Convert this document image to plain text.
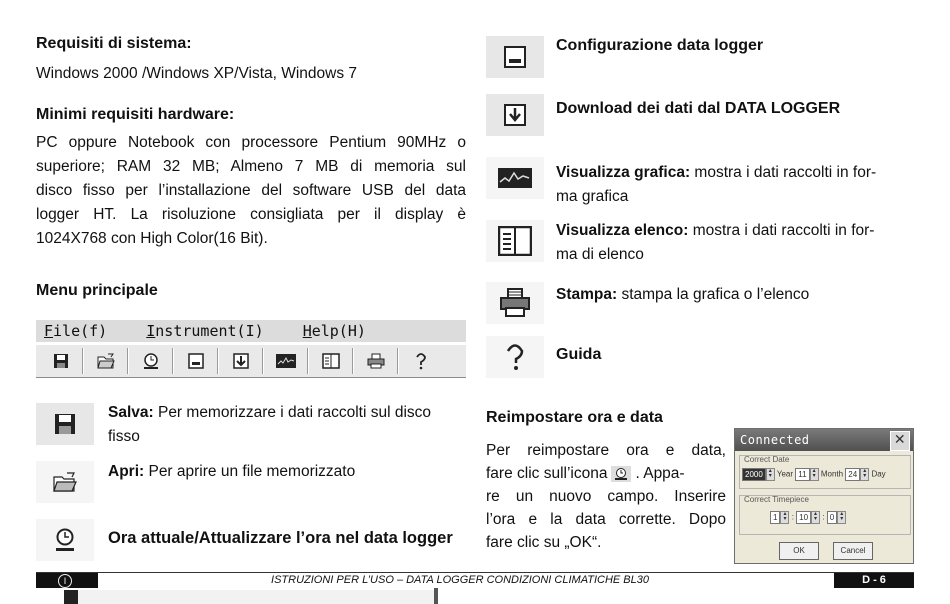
Requisiti di sistema:
Windows 2000 /Windows XP/Vista, Windows 7
Minimi requisiti hardware:
PC oppure Notebook con processore Pentium 90MHz o
superiore; RAM 32 MB; Almeno 7 MB di memoria sul
disco fisso per l’installazione del software USB del data
logger HT. La risoluzione consigliata per il display è
1024X768 con High Color(16 Bit).
Menu principale
File(f)	Instrument(I)	Help(H)
Salva: Per memorizzare i dati raccolti sul disco
fisso
Apri: Per aprire un file memorizzato
Ora attuale/Attualizzare l’ora nel data logger
Configurazione data logger
Download dei dati dal DATA LOGGER
Visualizza grafica: mostra i dati raccolti in for-
ma grafica
Visualizza elenco: mostra i dati raccolti in for-
ma di elenco
Stampa: stampa la grafica o l’elenco
Guida
Reimpostare ora e data
Per reimpostare ora e data,
fare clic sull’icona . Appa-
re un nuovo campo. Inserire
l’ora e la data corrette. Dopo
fare clic su „OK“.
Connected	✕
Correct Date
2000 ▴
▾ Year 11 ▴
▾ Month 24 ▴
▾ Day
Correct Timepiece
1 ▴
▾ : 10 ▴
▾ : 0 ▴
▾
OK	Cancel
I	ISTRUZIONI PER L’USO – DATA LOGGER CONDIZIONI CLIMATICHE BL30	D - 6
